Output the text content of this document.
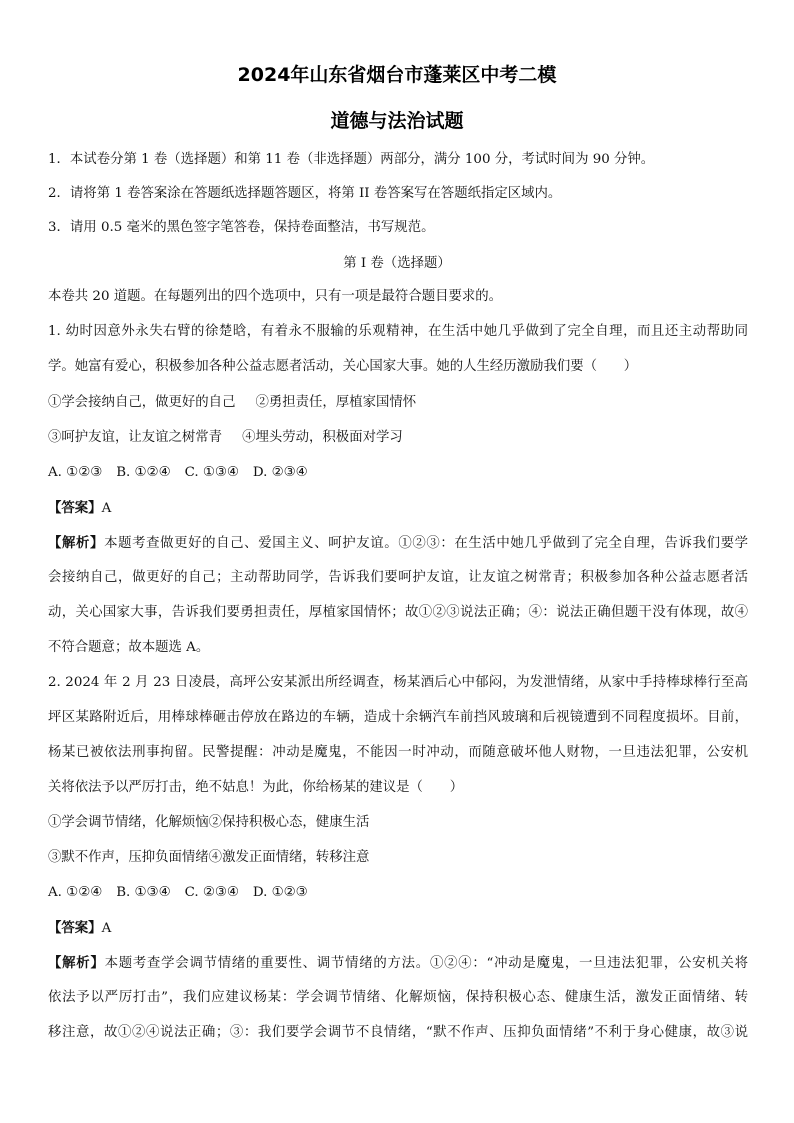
2024年山东省烟台市蓬莱区中考二模
道德与法治试题
1．本试卷分第 1 卷（选择题）和第 11 卷（非选择题）两部分，满分 100 分，考试时间为 90 分钟。
2．请将第 1 卷答案涂在答题纸选择题答题区，将第 II 卷答案写在答题纸指定区域内。
3．请用 0.5 毫米的黑色签字笔答卷，保持卷面整洁，书写规范。
第 I 卷（选择题）
本卷共 20 道题。在每题列出的四个选项中，只有一项是最符合题目要求的。
1. 幼时因意外永失右臂的徐楚晗，有着永不服输的乐观精神，在生活中她几乎做到了完全自理，而且还主动帮助同
学。她富有爱心，积极参加各种公益志愿者活动，关心国家大事。她的人生经历激励我们要（　　）
①学会接纳自己，做更好的自己 ②勇担责任，厚植家国情怀
③呵护友谊，让友谊之树常青 ④埋头劳动，积极面对学习
A. ①②③ B. ①②④ C. ①③④ D. ②③④
【答案】A
【解析】本题考查做更好的自己、爱国主义、呵护友谊。①②③：在生活中她几乎做到了完全自理，告诉我们要学
会接纳自己，做更好的自己；主动帮助同学，告诉我们要呵护友谊，让友谊之树常青；积极参加各种公益志愿者活
动，关心国家大事，告诉我们要勇担责任，厚植家国情怀；故①②③说法正确；④：说法正确但题干没有体现，故④
不符合题意；故本题选 A。
2. 2024 年 2 月 23 日凌晨，高坪公安某派出所经调查，杨某酒后心中郁闷，为发泄情绪，从家中手持棒球棒行至高
坪区某路附近后，用棒球棒砸击停放在路边的车辆，造成十余辆汽车前挡风玻璃和后视镜遭到不同程度损坏。目前，
杨某已被依法刑事拘留。民警提醒：冲动是魔鬼，不能因一时冲动，而随意破坏他人财物，一旦违法犯罪，公安机
关将依法予以严厉打击，绝不姑息！为此，你给杨某的建议是（　　）
①学会调节情绪，化解烦恼②保持积极心态，健康生活
③默不作声，压抑负面情绪④激发正面情绪，转移注意
A. ①②④ B. ①③④ C. ②③④ D. ①②③
【答案】A
【解析】本题考查学会调节情绪的重要性、调节情绪的方法。①②④：“冲动是魔鬼，一旦违法犯罪，公安机关将
依法予以严厉打击”，我们应建议杨某：学会调节情绪、化解烦恼，保持积极心态、健康生活，激发正面情绪、转
移注意，故①②④说法正确；③：我们要学会调节不良情绪，“默不作声、压抑负面情绪”不利于身心健康，故③说
